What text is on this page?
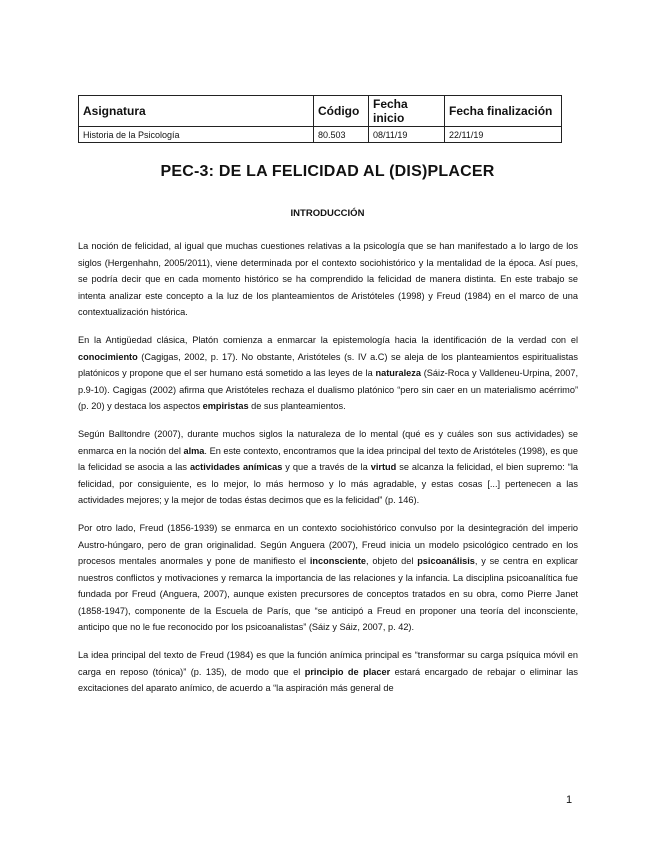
Asignatura	Código	Fecha inicio	Fecha finalización
Historia de la Psicología	80.503	08/11/19	22/11/19
PEC-3: DE LA FELICIDAD AL (DIS)PLACER
INTRODUCCIÓN

La noción de felicidad, al igual que muchas cuestiones relativas a la psicología que se han manifestado a lo largo de los siglos (Hergenhahn, 2005/2011), viene determinada por el contexto sociohistórico y la mentalidad de la época. Así pues, se podría decir que en cada momento histórico se ha comprendido la felicidad de manera distinta. En este trabajo se intenta analizar este concepto a la luz de los planteamientos de Aristóteles (1998) y Freud (1984) en el marco de una contextualización histórica.

En la Antigüedad clásica, Platón comienza a enmarcar la epistemología hacia la identificación de la verdad con el conocimiento (Cagigas, 2002, p. 17). No obstante, Aristóteles (s. IV a.C) se aleja de los planteamientos espiritualistas platónicos y propone que el ser humano está sometido a las leyes de la naturaleza (Sáiz-Roca y Valldeneu-Urpina, 2007, p.9-10). Cagigas (2002) afirma que Aristóteles rechaza el dualismo platónico “pero sin caer en un materialismo acérrimo” (p. 20) y destaca los aspectos empiristas de sus planteamientos.

Según Balltondre (2007), durante muchos siglos la naturaleza de lo mental (qué es y cuáles son sus actividades) se enmarca en la noción del alma. En este contexto, encontramos que la idea principal del texto de Aristóteles (1998), es que la felicidad se asocia a las actividades anímicas y que a través de la virtud se alcanza la felicidad, el bien supremo: “la felicidad, por consiguiente, es lo mejor, lo más hermoso y lo más agradable, y estas cosas [...] pertenecen a las actividades mejores; y la mejor de todas éstas decimos que es la felicidad” (p. 146).

Por otro lado, Freud (1856-1939) se enmarca en un contexto sociohistórico convulso por la desintegración del imperio Austro-húngaro, pero de gran originalidad. Según Anguera (2007), Freud inicia un modelo psicológico centrado en los procesos mentales anormales y pone de manifiesto el inconsciente, objeto del psicoanálisis, y se centra en explicar nuestros conflictos y motivaciones y remarca la importancia de las relaciones y la infancia. La disciplina psicoanalítica fue fundada por Freud (Anguera, 2007), aunque existen precursores de conceptos tratados en su obra, como Pierre Janet (1858-1947), componente de la Escuela de París, que “se anticipó a Freud en proponer una teoría del inconsciente, anticipo que no le fue reconocido por los psicoanalistas” (Sáiz y Sáiz, 2007, p. 42).

La idea principal del texto de Freud (1984) es que la función anímica principal es “transformar su carga psíquica móvil en carga en reposo (tónica)” (p. 135), de modo que el principio de placer estará encargado de rebajar o eliminar las excitaciones del aparato anímico, de acuerdo a “la aspiración más general de

1
